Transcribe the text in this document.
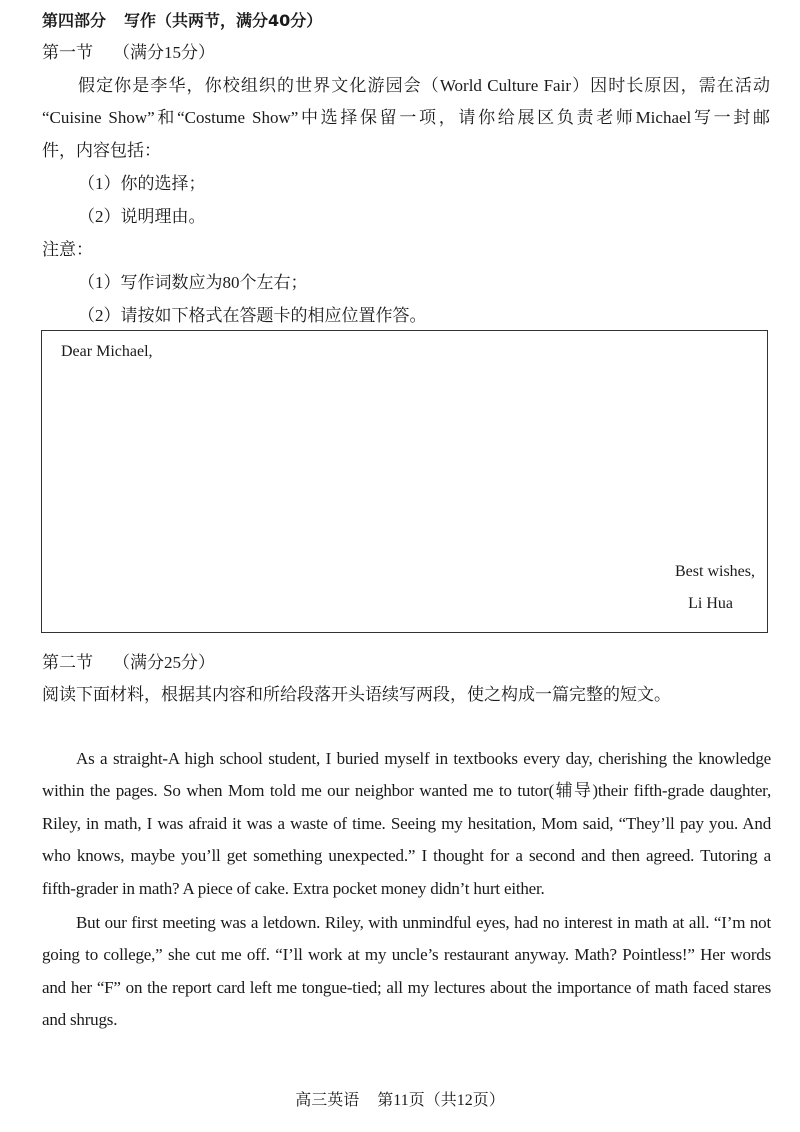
第四部分 写作（共两节，满分40分）
第一节 （满分15分）
假定你是李华，你校组织的世界文化游园会（World Culture Fair）因时长原因，需在活动
“Cuisine Show”和“Costume Show”中选择保留一项，请你给展区负责老师Michael写一封邮
件，内容包括：
（1）你的选择；
（2）说明理由。
注意：
（1）写作词数应为80个左右；
（2）请按如下格式在答题卡的相应位置作答。
Dear Michael,
Best wishes,
Li Hua
第二节 （满分25分）
阅读下面材料，根据其内容和所给段落开头语续写两段，使之构成一篇完整的短文。

As a straight-A high school student, I buried myself in textbooks every day, cherishing the knowledge within the pages. So when Mom told me our neighbor wanted me to tutor(辅导)their fifth-grade daughter, Riley, in math, I was afraid it was a waste of time. Seeing my hesitation, Mom said, “They’ll pay you. And who knows, maybe you’ll get something unexpected.” I thought for a second and then agreed. Tutoring a fifth-grader in math? A piece of cake. Extra pocket money didn’t hurt either.

But our first meeting was a letdown. Riley, with unmindful eyes, had no interest in math at all. “I’m not going to college,” she cut me off. “I’ll work at my uncle’s restaurant anyway. Math? Pointless!” Her words and her “F” on the report card left me tongue-tied; all my lectures about the importance of math faced stares and shrugs.

高三英语 第11页（共12页）
